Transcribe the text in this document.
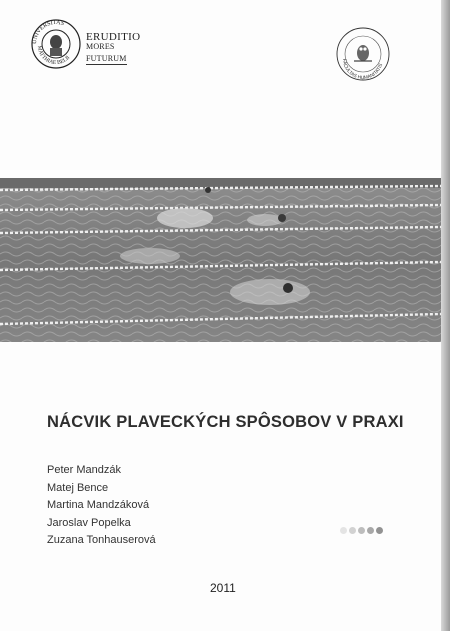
UNIVERSITAS
MATTHIAE BELII
ERUDITIO
MORES
FUTURUM	FACULTAS HUMANITATIS
NÁCVIK PLAVECKÝCH SPÔSOBOV V PRAXI
Peter Mandzák
Matej Bence
Martina Mandzáková
Jaroslav Popelka
Zuzana Tonhauserová
2011
